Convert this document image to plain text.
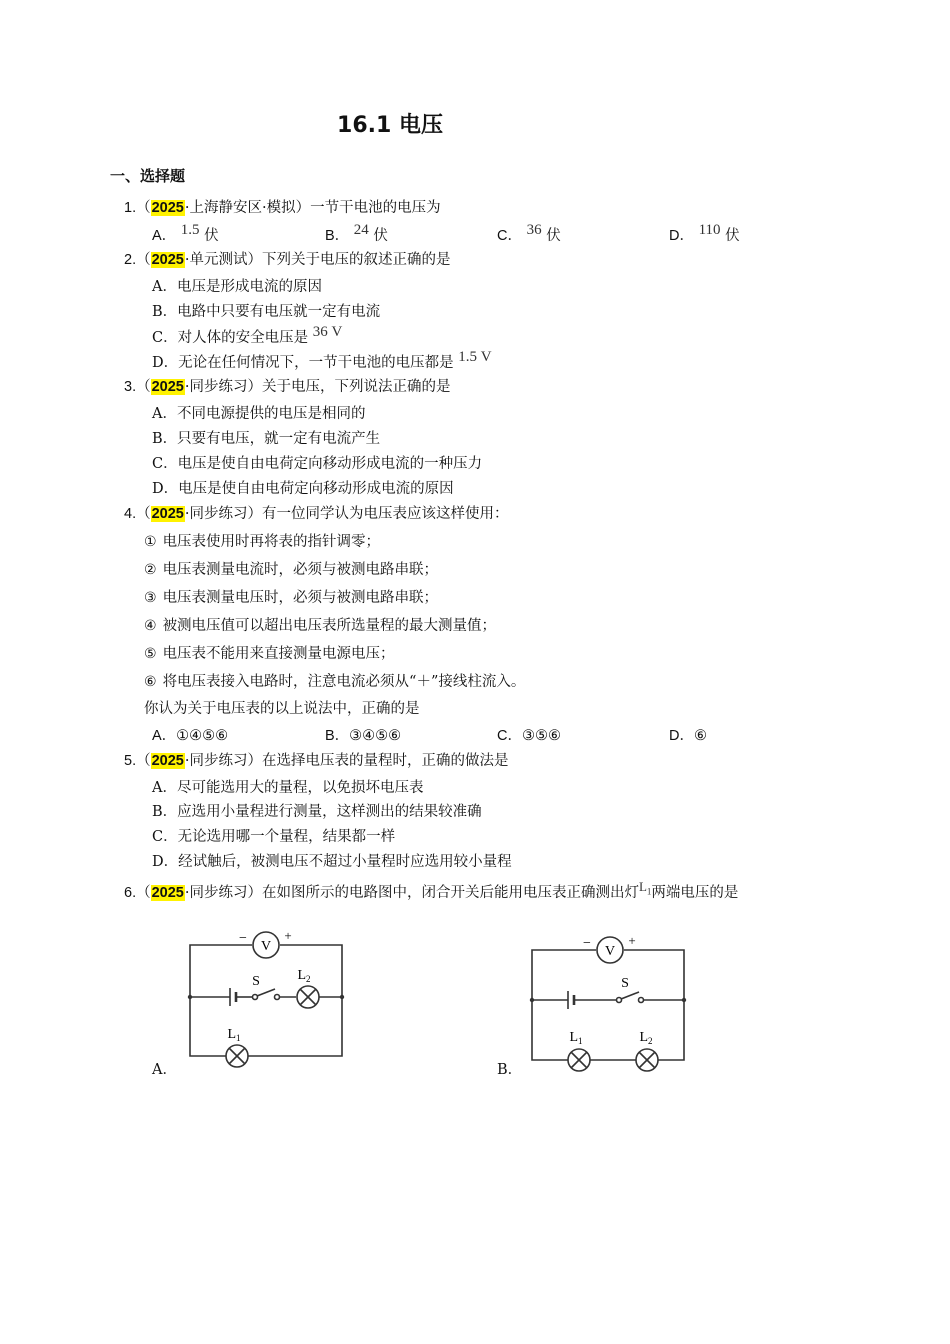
16.1 电压
一、选择题
1.（2025·上海静安区·模拟）一节干电池的电压为
A． 1.5 伏	B． 24 伏	C． 36 伏	D． 110 伏
2.（2025·单元测试）下列关于电压的叙述正确的是
A．电压是形成电流的原因
B．电路中只要有电压就一定有电流
C．对人体的安全电压是 36 V
D．无论在任何情况下，一节干电池的电压都是 1.5 V
3.（2025·同步练习）关于电压，下列说法正确的是
A．不同电源提供的电压是相同的
B．只要有电压，就一定有电流产生
C．电压是使自由电荷定向移动形成电流的一种压力
D．电压是使自由电荷定向移动形成电流的原因
4.（2025·同步练习）有一位同学认为电压表应该这样使用：
① 电压表使用时再将表的指针调零；
② 电压表测量电流时，必须与被测电路串联；
③ 电压表测量电压时，必须与被测电路串联；
④ 被测电压值可以超出电压表所选量程的最大测量值；
⑤ 电压表不能用来直接测量电源电压；
⑥ 将电压表接入电路时，注意电流必须从“＋”接线柱流入。
你认为关于电压表的以上说法中，正确的是
A．①④⑤⑥	B．③④⑤⑥	C．③⑤⑥	D．⑥
5.（2025·同步练习）在选择电压表的量程时，正确的做法是
A．尽可能选用大的量程，以免损坏电压表
B．应选用小量程进行测量，这样测出的结果较准确
C．无论选用哪一个量程，结果都一样
D．经试触后，被测电压不超过小量程时应选用较小量程
6.（2025·同步练习）在如图所示的电路图中，闭合开关后能用电压表正确测出灯$L_1$两端电压的是
A．	B．
V
−	+
S	$L_2$
$L_1$
V
−	+
S
$L_1$	$L_2$
